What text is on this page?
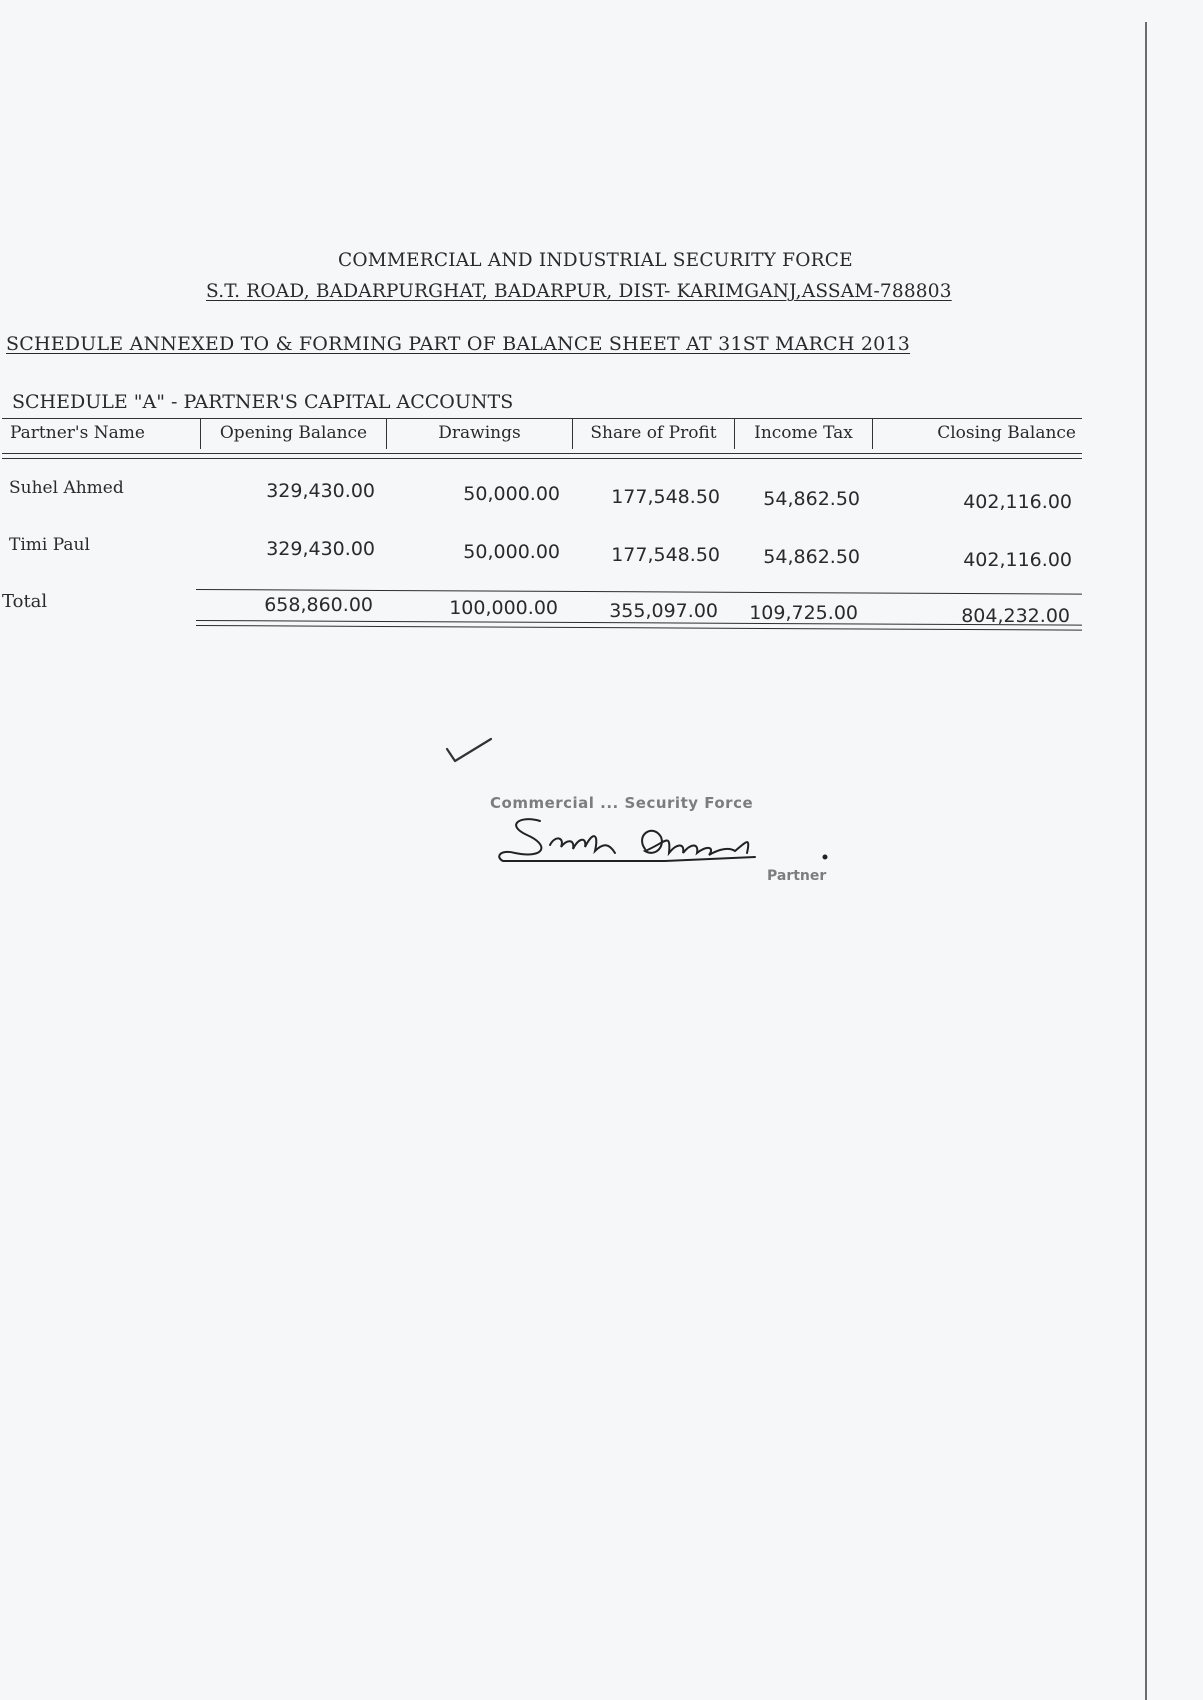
COMMERCIAL AND INDUSTRIAL SECURITY FORCE
S.T. ROAD, BADARPURGHAT, BADARPUR, DIST- KARIMGANJ,ASSAM-788803
SCHEDULE ANNEXED TO & FORMING PART OF BALANCE SHEET AT 31ST MARCH 2013
SCHEDULE "A" - PARTNER'S CAPITAL ACCOUNTS
Partner's Name	Opening Balance	Drawings	Share of Profit	Income Tax	Closing Balance
Suhel Ahmed	329,430.00	50,000.00	177,548.50	54,862.50	402,116.00
Timi Paul	329,430.00	50,000.00	177,548.50	54,862.50	402,116.00
Total	658,860.00	100,000.00	355,097.00	109,725.00	804,232.00
Commercial ... Security Force
Partner
